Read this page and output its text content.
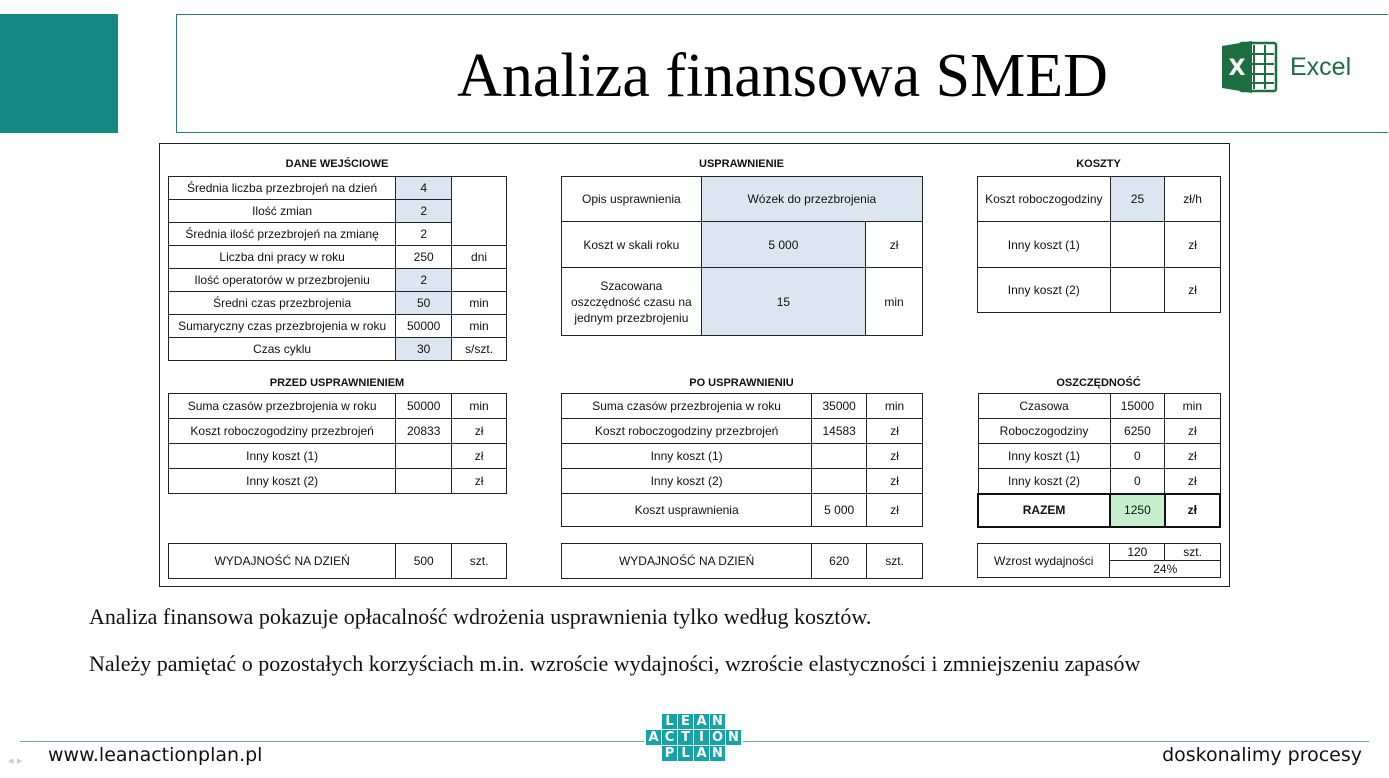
Analiza finansowa SMED	X Excel
DANE WEJŚCIOWE
Średnia liczba przezbrojeń na dzień	4	
Ilość zmian	2	
Średnia ilość przezbrojeń na zmianę	2	
Liczba dni pracy w roku	250	dni
Ilość operatorów w przezbrojeniu	2	
Średni czas przezbrojenia	50	min
Sumaryczny czas przezbrojenia w roku	50000	min
Czas cyklu	30	s/szt.
USPRAWNIENIE
Opis usprawnienia	Wózek do przezbrojenia	
Koszt w skali roku	5 000	zł
Szacowana oszczędność czasu na jednym przezbrojeniu	15	min
KOSZTY
Koszt roboczogodziny	25	zł/h
Inny koszt (1)		zł
Inny koszt (2)		zł
PRZED USPRAWNIENIEM
Suma czasów przezbrojenia w roku	50000	min
Koszt roboczogodziny przezbrojeń	20833	zł
Inny koszt (1)		zł
Inny koszt (2)		zł
WYDAJNOŚĆ NA DZIEŃ	500	szt.
PO USPRAWNIENIU
Suma czasów przezbrojenia w roku	35000	min
Koszt roboczogodziny przezbrojeń	14583	zł
Inny koszt (1)		zł
Inny koszt (2)		zł
Koszt usprawnienia	5 000	zł
WYDAJNOŚĆ NA DZIEŃ	620	szt.
OSZCZĘDNOŚĆ
Czasowa	15000	min
Roboczogodziny	6250	zł
Inny koszt (1)	0	zł
Inny koszt (2)	0	zł
RAZEM	1250	zł
Wzrost wydajności	120	szt.
24%
Analiza finansowa pokazuje opłacalność wdrożenia usprawnienia tylko według kosztów.
Należy pamiętać o pozostałych korzyściach m.in. wzroście wydajności, wzroście elastyczności i zmniejszeniu zapasów
◂ ▸ www.leanactionplan.pl
L E A N
A C T I O N
P L A N	doskonalimy procesy
